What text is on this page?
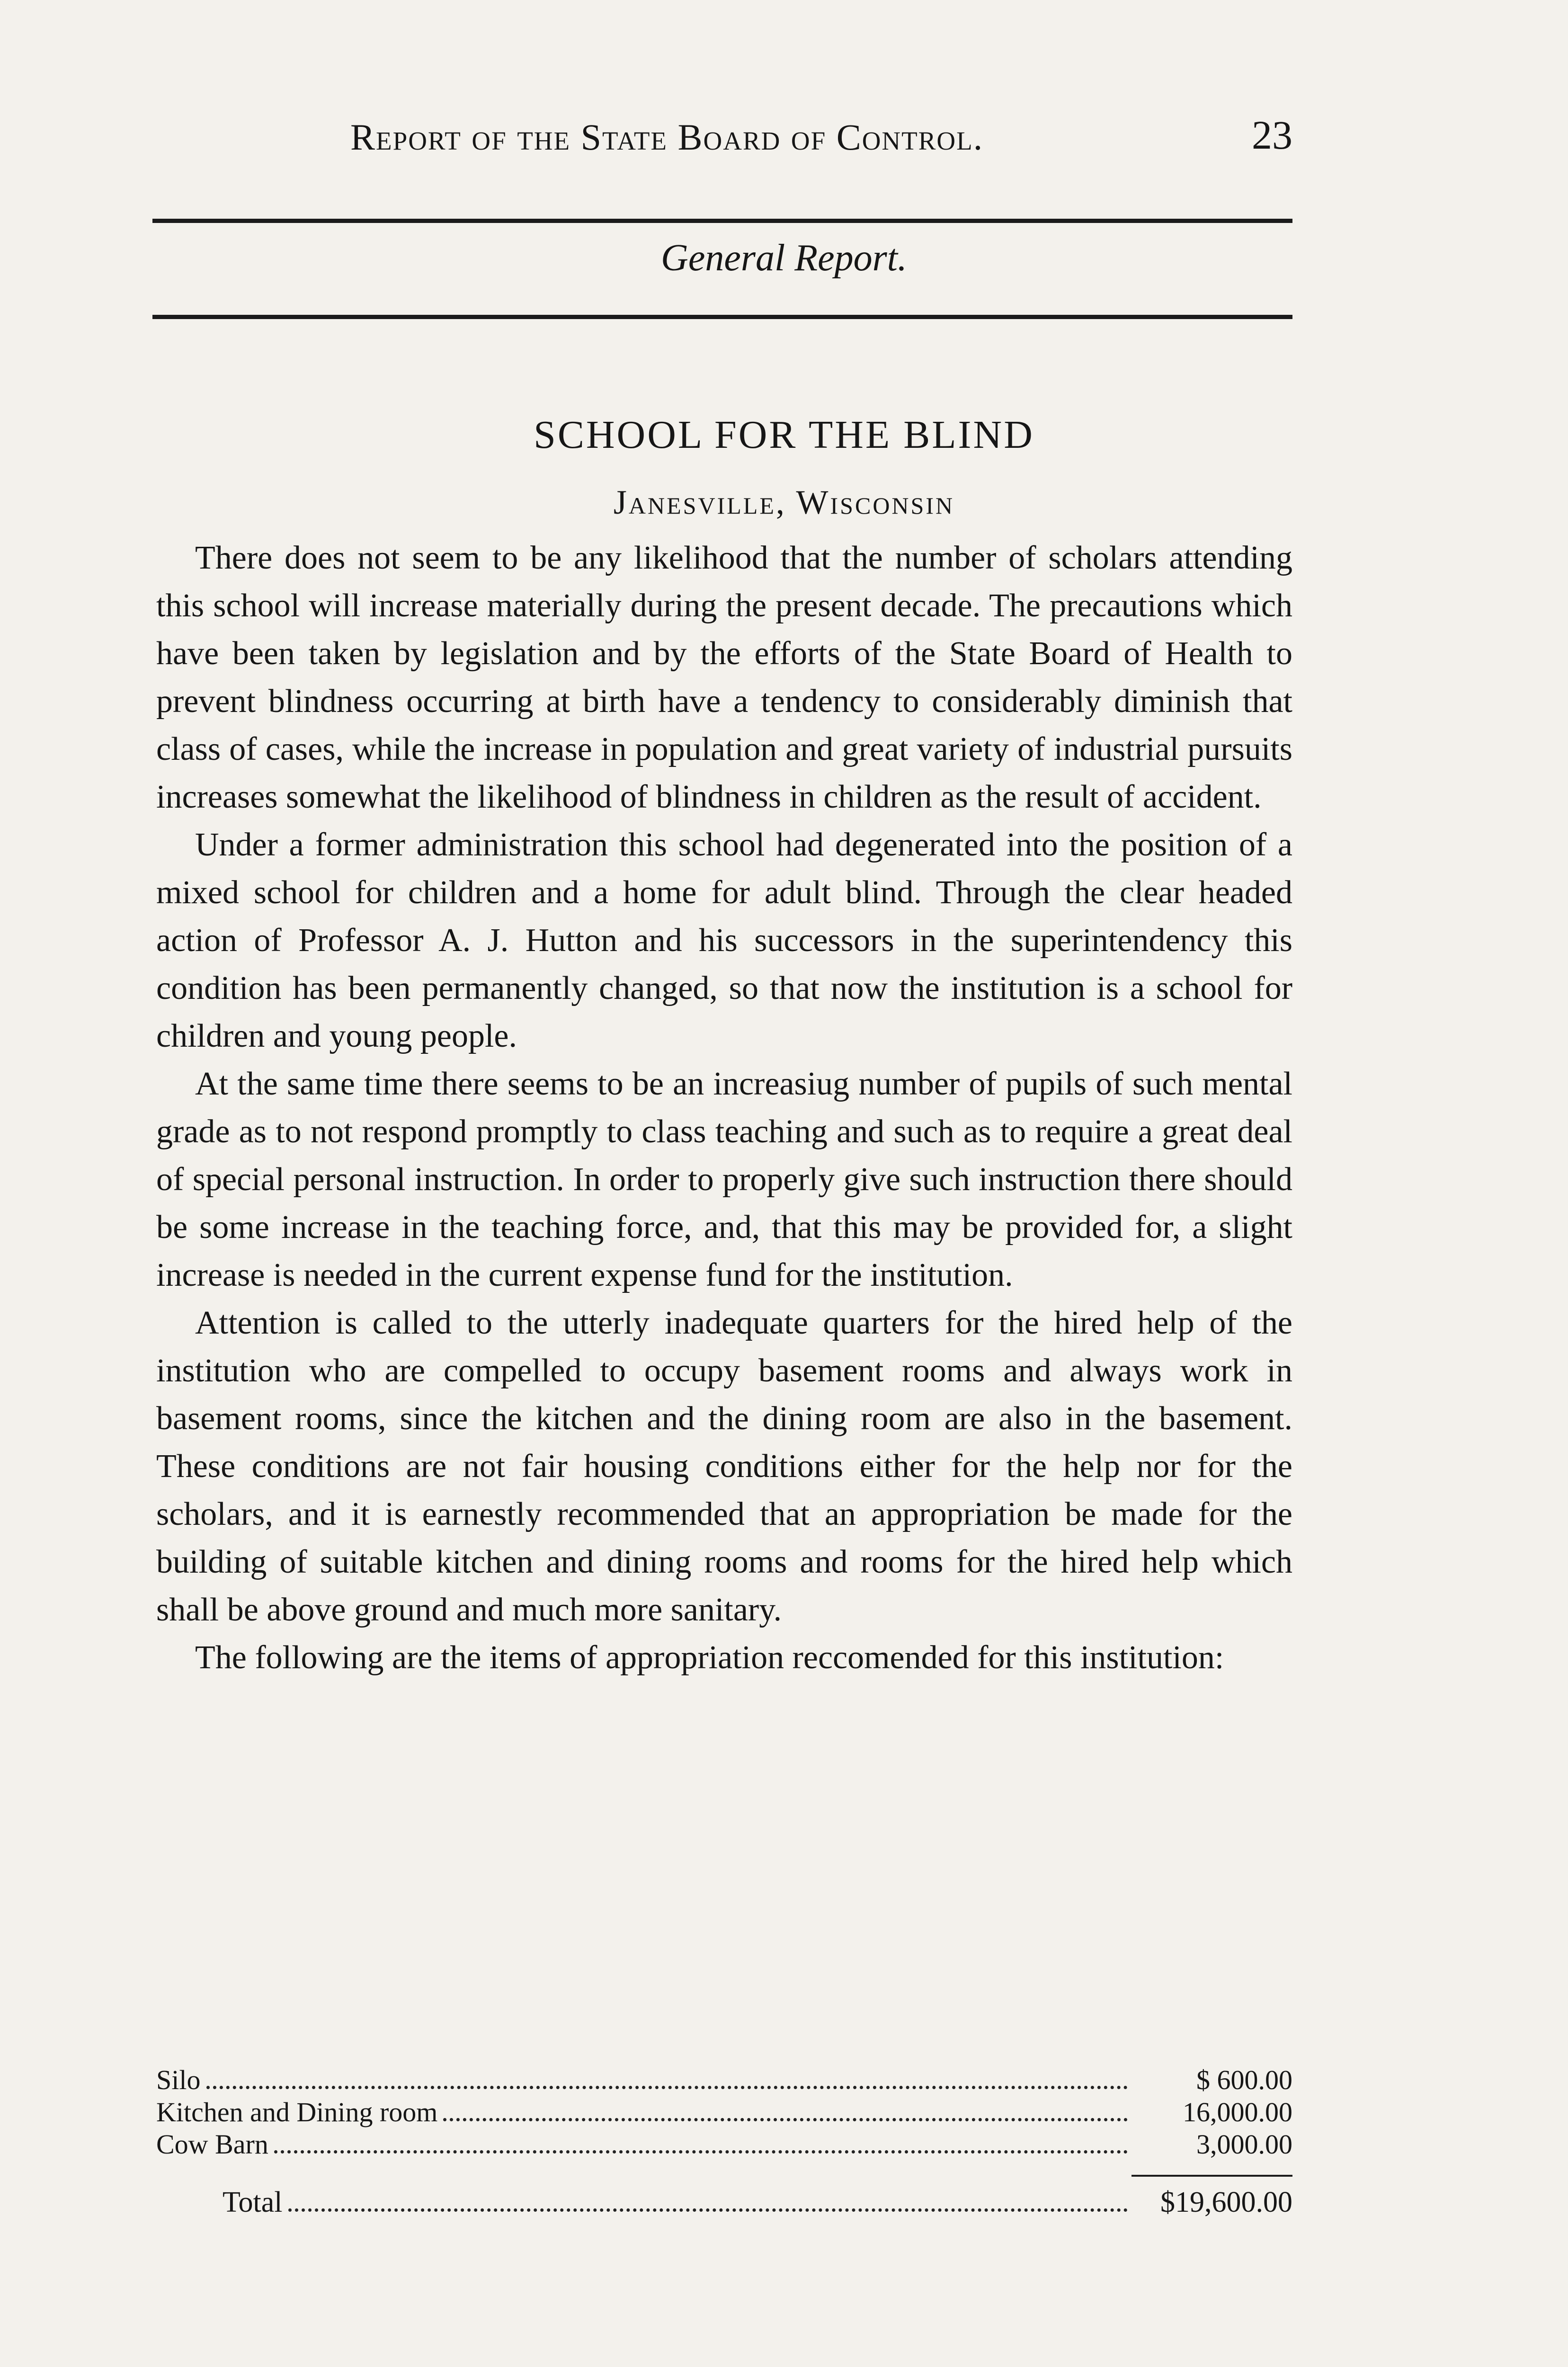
Report of the State Board of Control.	23
General Report.
SCHOOL FOR THE BLIND
Janesville, Wisconsin

There does not seem to be any likelihood that the number of scholars attending this school will increase materially during the present decade. The precautions which have been taken by legislation and by the efforts of the State Board of Health to prevent blindness occurring at birth have a tendency to considerably diminish that class of cases, while the increase in population and great variety of industrial pursuits increases somewhat the likelihood of blindness in children as the result of accident.

Under a former administration this school had degenerated into the position of a mixed school for children and a home for adult blind. Through the clear headed action of Professor A. J. Hutton and his successors in the superintendency this condition has been permanently changed, so that now the institution is a school for children and young people.

At the same time there seems to be an increasiug number of pupils of such mental grade as to not respond promptly to class teaching and such as to require a great deal of special personal instruction. In order to properly give such instruction there should be some increase in the teaching force, and, that this may be provided for, a slight increase is needed in the current expense fund for the institution.

Attention is called to the utterly inadequate quarters for the hired help of the institution who are compelled to occupy basement rooms and always work in basement rooms, since the kitchen and the dining room are also in the basement. These conditions are not fair housing conditions either for the help nor for the scholars, and it is earnestly recommended that an appropriation be made for the building of suitable kitchen and dining rooms and rooms for the hired help which shall be above ground and much more sanitary.

The following are the items of appropriation reccomended for this institution:

Silo	$ 600.00
Kitchen and Dining room	16,000.00
Cow Barn	3,000.00
Total	$19,600.00
